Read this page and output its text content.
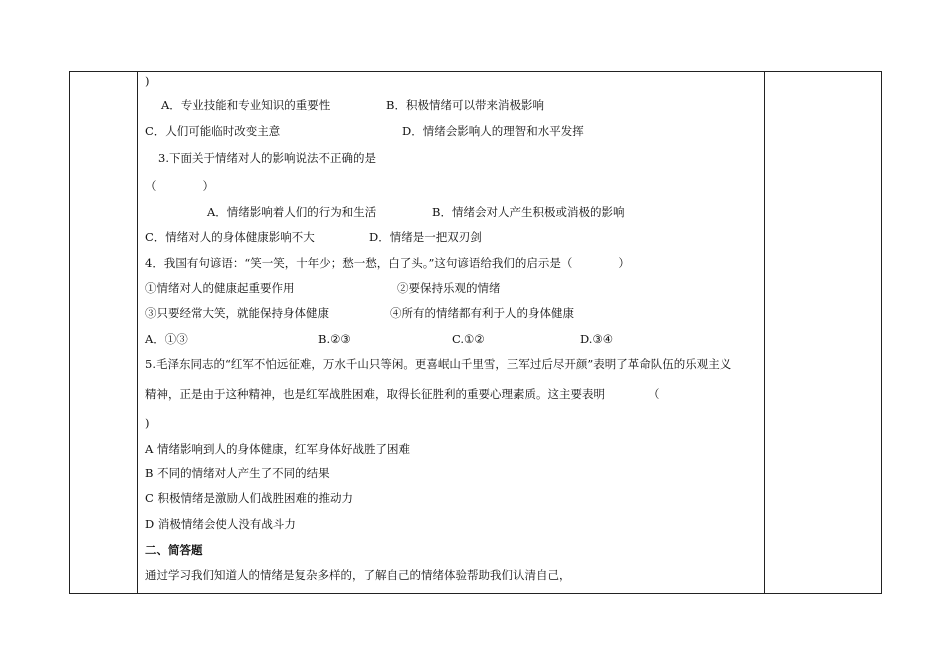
)
A．专业技能和专业知识的重要性	B．积极情绪可以带来消极影响
C．人们可能临时改变主意	D．情绪会影响人的理智和水平发挥
3.下面关于情绪对人的影响说法不正确的是
（　　　　）
A．情绪影响着人们的行为和生活	B．情绪会对人产生积极或消极的影响
C．情绪对人的身体健康影响不大	D．情绪是一把双刃剑
4．我国有句谚语：“笑一笑，十年少；愁一愁，白了头。”这句谚语给我们的启示是（　　　　）
①情绪对人的健康起重要作用	②要保持乐观的情绪
③只要经常大笑，就能保持身体健康	④所有的情绪都有利于人的身体健康
A．①③	B.②③	C.①②	D.③④
5.毛泽东同志的“红军不怕远征难，万水千山只等闲。更喜岷山千里雪，三军过后尽开颜”表明了革命队伍的乐观主义
精神，正是由于这种精神，也是红军战胜困难，取得长征胜利的重要心理素质。这主要表明	（
)
A 情绪影响到人的身体健康，红军身体好战胜了困难
B 不同的情绪对人产生了不同的结果
C 积极情绪是激励人们战胜困难的推动力
D 消极情绪会使人没有战斗力
二、简答题
通过学习我们知道人的情绪是复杂多样的，了解自己的情绪体验帮助我们认清自己，
